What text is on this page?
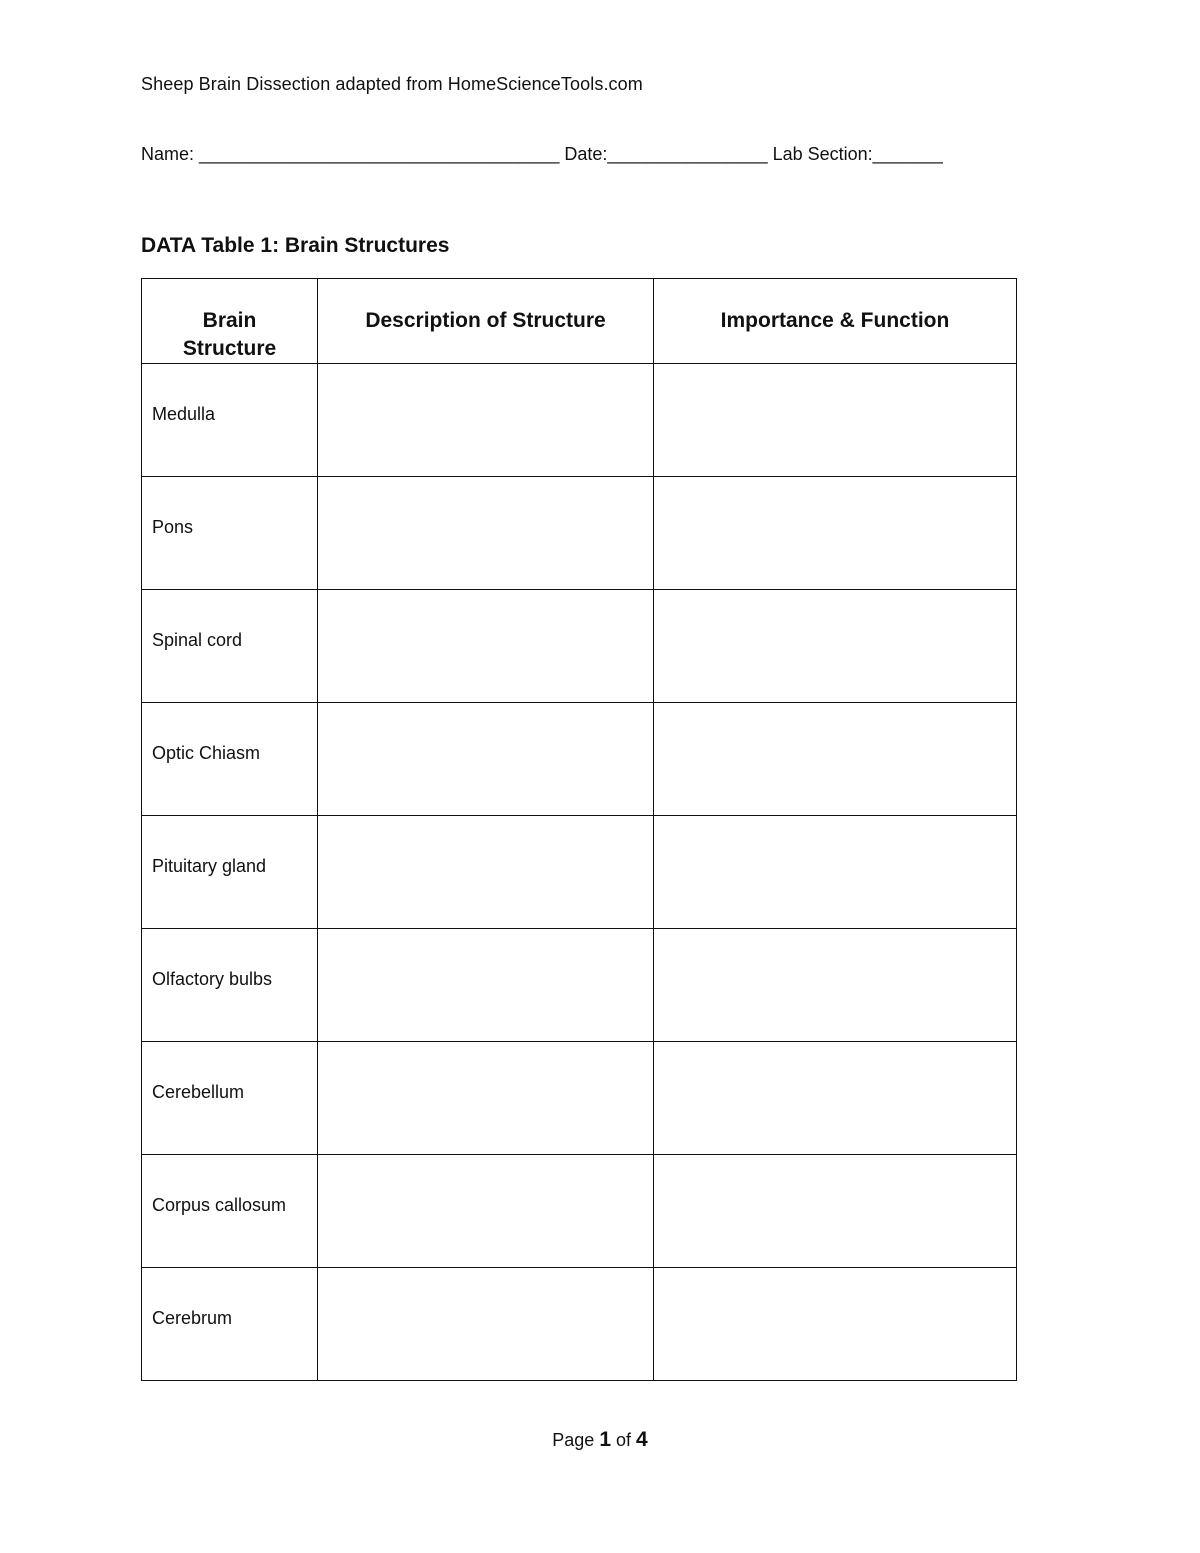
Sheep Brain Dissection adapted from HomeScienceTools.com
Name: ____________________________________ Date:________________ Lab Section:_______
DATA Table 1: Brain Structures
Brain
Structure	Description of Structure	Importance & Function
Medulla		
Pons		
Spinal cord		
Optic Chiasm		
Pituitary gland		
Olfactory bulbs		
Cerebellum		
Corpus callosum		
Cerebrum		
Page 1 of 4
